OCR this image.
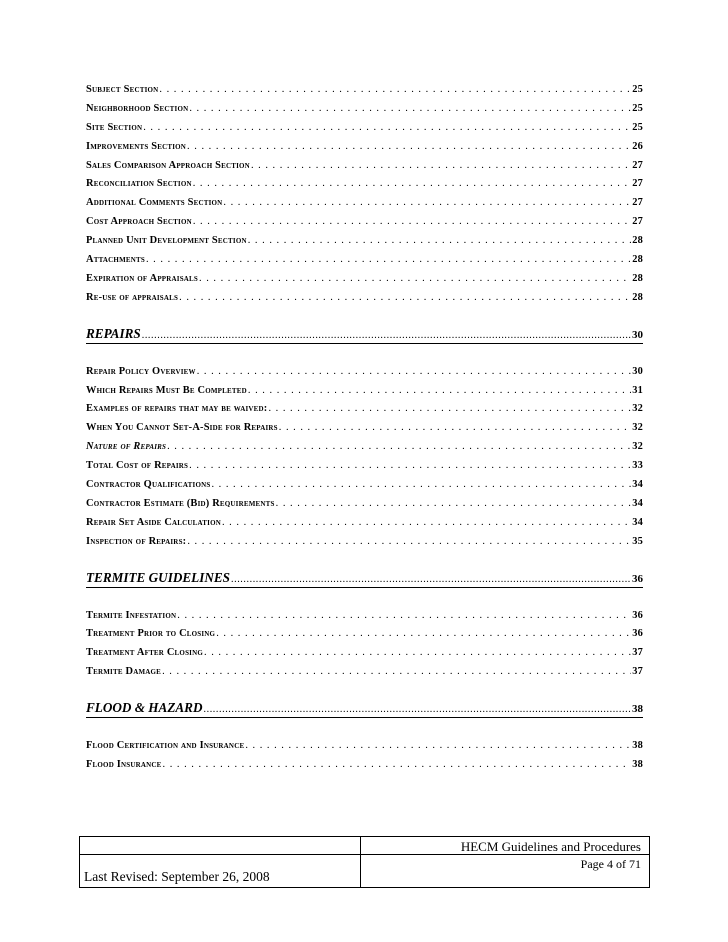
Subject Section . . .	25
Neighborhood Section . . .	25
Site Section . . .	25
Improvements Section . . .	26
Sales Comparison Approach Section . . .	27
Reconciliation Section . . .	27
Additional Comments Section . . .	27
Cost Approach Section . . .	27
Planned Unit Development Section . . .	28
Attachments . . .	28
Expiration of Appraisals . . .	28
Re-use of appraisals . . .	28
REPAIRS .....	30
Repair Policy Overview . . .	30
Which Repairs Must Be Completed . . .	31
Examples of repairs that may be waived: . . .	32
When You Cannot Set-A-Side for Repairs . . .	32
Nature of Repairs . . .	32
Total Cost of Repairs . . .	33
Contractor Qualifications . . .	34
Contractor Estimate (Bid) Requirements . . .	34
Repair Set Aside Calculation . . .	34
Inspection of Repairs: . . .	35
TERMITE GUIDELINES .....	36
Termite Infestation . . .	36
Treatment Prior to Closing . . .	36
Treatment After Closing . . .	37
Termite Damage . . .	37
FLOOD & HAZARD .....	38
Flood Certification and Insurance . . .	38
Flood Insurance . . .	38
HECM Guidelines and Procedures
Last Revised: September 26, 2008
Page 4 of 71
